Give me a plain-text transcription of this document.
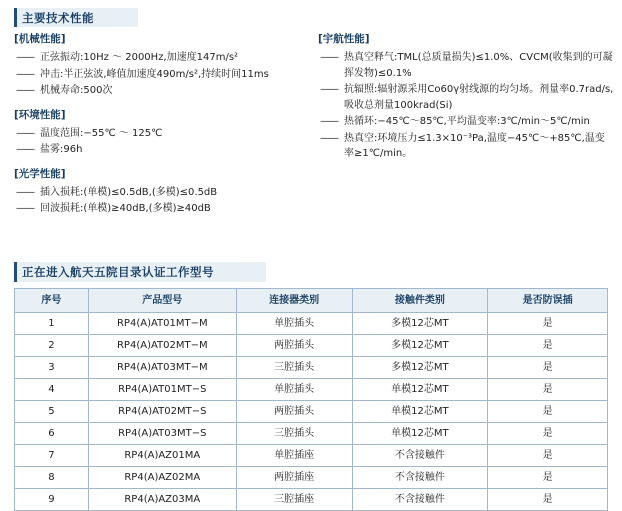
主要技术性能
[机械性能]
—— 正弦振动:10Hz ～ 2000Hz,加速度147m/s²
—— 冲击:半正弦波,峰值加速度490m/s²,持续时间11ms
—— 机械寿命:500次
[环境性能]
—— 温度范围:−55℃ ～ 125℃
—— 盐雾:96h
[光学性能]
—— 插入损耗:(单模)≤0.5dB,(多模)≤0.5dB
—— 回波损耗:(单模)≥40dB,(多模)≥40dB
[宇航性能]
—— 热真空释气:TML(总质量损失)≤1.0%、CVCM(收集到的可凝挥发物)≤0.1%
—— 抗辐照:辐射源采用Co60γ射线源的均匀场。剂量率0.7rad/s,吸收总剂量100krad(Si)
—— 热循环:−45℃～85℃,平均温变率:3℃/min～5℃/min
—— 热真空:环境压力≤1.3×10⁻³Pa,温度−45℃～+85℃,温变率≥1℃/min。
正在进入航天五院目录认证工作型号
序号	产品型号	连接器类别	接触件类别	是否防误插
1	RP4(A)AT01MT−M	单腔插头	多模12芯MT	是
2	RP4(A)AT02MT−M	两腔插头	多模12芯MT	是
3	RP4(A)AT03MT−M	三腔插头	多模12芯MT	是
4	RP4(A)AT01MT−S	单腔插头	单模12芯MT	是
5	RP4(A)AT02MT−S	两腔插头	单模12芯MT	是
6	RP4(A)AT03MT−S	三腔插头	单模12芯MT	是
7	RP4(A)AZ01MA	单腔插座	不含接触件	是
8	RP4(A)AZ02MA	两腔插座	不含接触件	是
9	RP4(A)AZ03MA	三腔插座	不含接触件	是
